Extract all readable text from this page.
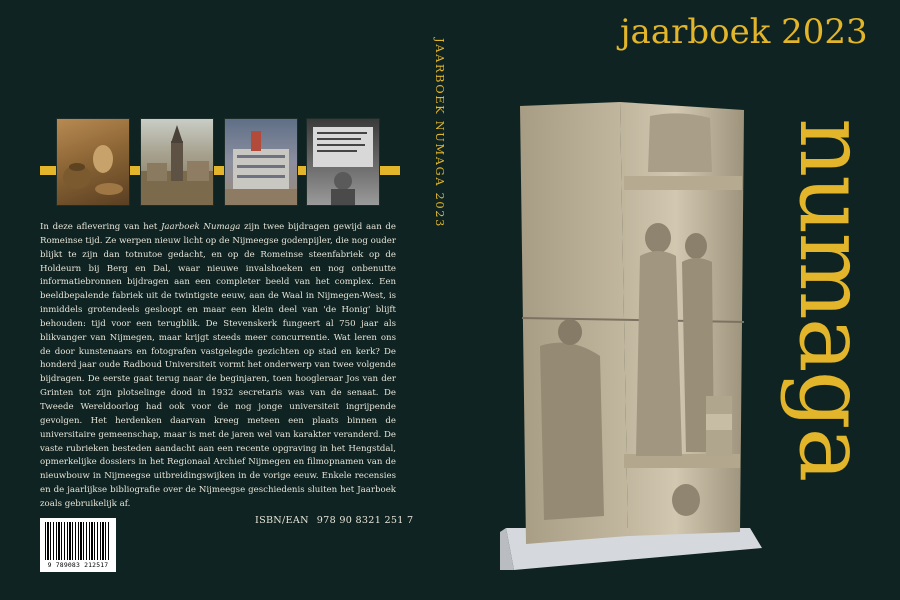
In deze aflevering van het Jaarboek Numaga zijn twee bijdragen gewijd aan de Romeinse tijd. Ze werpen nieuw licht op de Nijmeegse godenpijler, die nog ouder blijkt te zijn dan totnutoe gedacht, en op de Romeinse steenfabriek op de Holdeurn bij Berg en Dal, waar nieuwe invalshoeken en nog onbenutte informatiebronnen bijdragen aan een completer beeld van het complex. Een beeldbepalende fabriek uit de twintigste eeuw, aan de Waal in Nijmegen-West, is inmiddels grotendeels gesloopt en maar een klein deel van 'de Honig' blijft behouden: tijd voor een terugblik. De Stevenskerk fungeert al 750 jaar als blikvanger van Nijmegen, maar krijgt steeds meer concurrentie. Wat leren ons de door kunstenaars en fotografen vastgelegde gezichten op stad en kerk? De honderd jaar oude Radboud Universiteit vormt het onderwerp van twee volgende bijdragen. De eerste gaat terug naar de beginjaren, toen hoogleraar Jos van der Grinten tot zijn plotselinge dood in 1932 secretaris was van de senaat. De Tweede Wereldoorlog had ook voor de nog jonge universiteit ingrijpende gevolgen. Het herdenken daarvan kreeg meteen een plaats binnen de universitaire gemeenschap, maar is met de jaren wel van karakter veranderd. De vaste rubrieken besteden aandacht aan een recente opgraving in het Hengstdal, opmerkelijke dossiers in het Regionaal Archief Nijmegen en filmopnamen van de nieuwbouw in Nijmeegse uitbreidingswijken in de vorige eeuw. Enkele recensies en de jaarlijkse bibliografie over de Nijmeegse geschiedenis sluiten het Jaarboek zoals gebruikelijk af.

9 789083 212517
ISBN/EAN 978 90 8321 251 7
JAARBOEK NUMAGA 2023
jaarboek 2023
numaga
